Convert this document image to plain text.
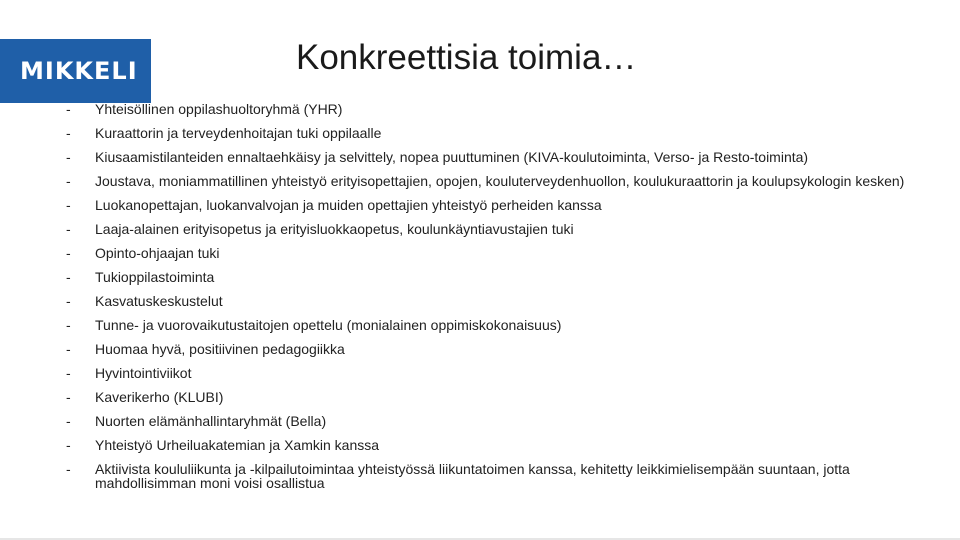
MIKKELI	Konkreettisia toimia…
-	Yhteisöllinen oppilashuoltoryhmä (YHR)
-	Kuraattorin ja terveydenhoitajan tuki oppilaalle
-	Kiusaamistilanteiden ennaltaehkäisy ja selvittely, nopea puuttuminen (KIVA-koulutoiminta, Verso- ja Resto-toiminta)
-	Joustava, moniammatillinen yhteistyö erityisopettajien, opojen, kouluterveydenhuollon, koulukuraattorin ja koulupsykologin kesken)
-	Luokanopettajan, luokanvalvojan ja muiden opettajien yhteistyö perheiden kanssa
-	Laaja-alainen erityisopetus ja erityisluokkaopetus, koulunkäyntiavustajien tuki
-	Opinto-ohjaajan tuki
-	Tukioppilastoiminta
-	Kasvatuskeskustelut
-	Tunne- ja vuorovaikutustaitojen opettelu (monialainen oppimiskokonaisuus)
-	Huomaa hyvä, positiivinen pedagogiikka
-	Hyvintointiviikot
-	Kaverikerho (KLUBI)
-	Nuorten elämänhallintaryhmät (Bella)
-	Yhteistyö Urheiluakatemian ja Xamkin kanssa
-	Aktiivista koululiikunta ja -kilpailutoimintaa yhteistyössä liikuntatoimen kanssa, kehitetty leikkimielisempään suuntaan, jotta mahdollisimman moni voisi osallistua
